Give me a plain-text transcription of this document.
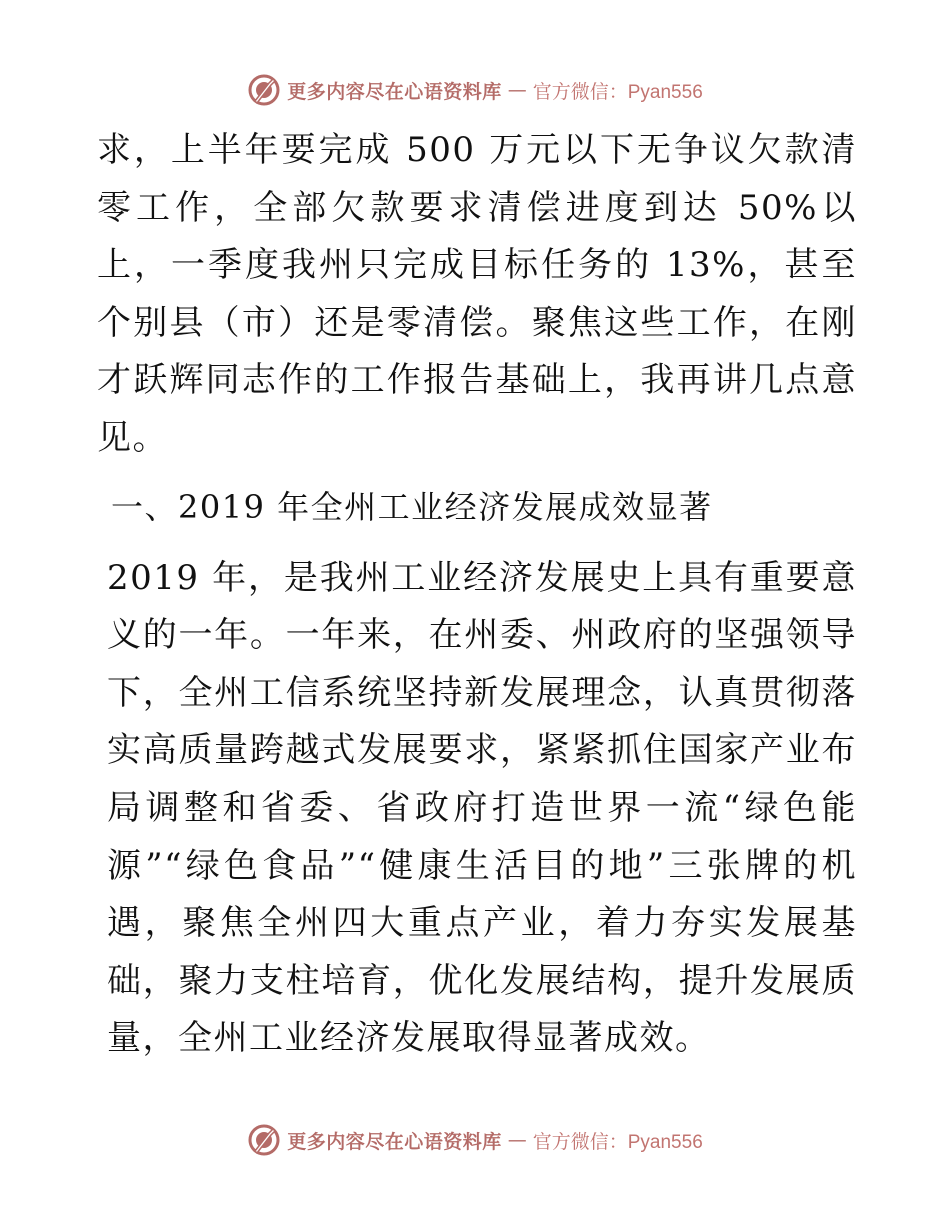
更多内容尽在心语资料库 — 官方微信：Pyan556

求，上半年要完成 500 万元以下无争议欠款清零工作，全部欠款要求清偿进度到达 50%以上，一季度我州只完成目标任务的 13%，甚至个别县（市）还是零清偿。聚焦这些工作，在刚才跃辉同志作的工作报告基础上，我再讲几点意见。

一、2019 年全州工业经济发展成效显著

2019 年，是我州工业经济发展史上具有重要意义的一年。一年来，在州委、州政府的坚强领导下，全州工信系统坚持新发展理念，认真贯彻落实高质量跨越式发展要求，紧紧抓住国家产业布局调整和省委、省政府打造世界一流“绿色能源”“绿色食品”“健康生活目的地”三张牌的机遇，聚焦全州四大重点产业，着力夯实发展基础，聚力支柱培育，优化发展结构，提升发展质量，全州工业经济发展取得显著成效。

更多内容尽在心语资料库 — 官方微信：Pyan556
